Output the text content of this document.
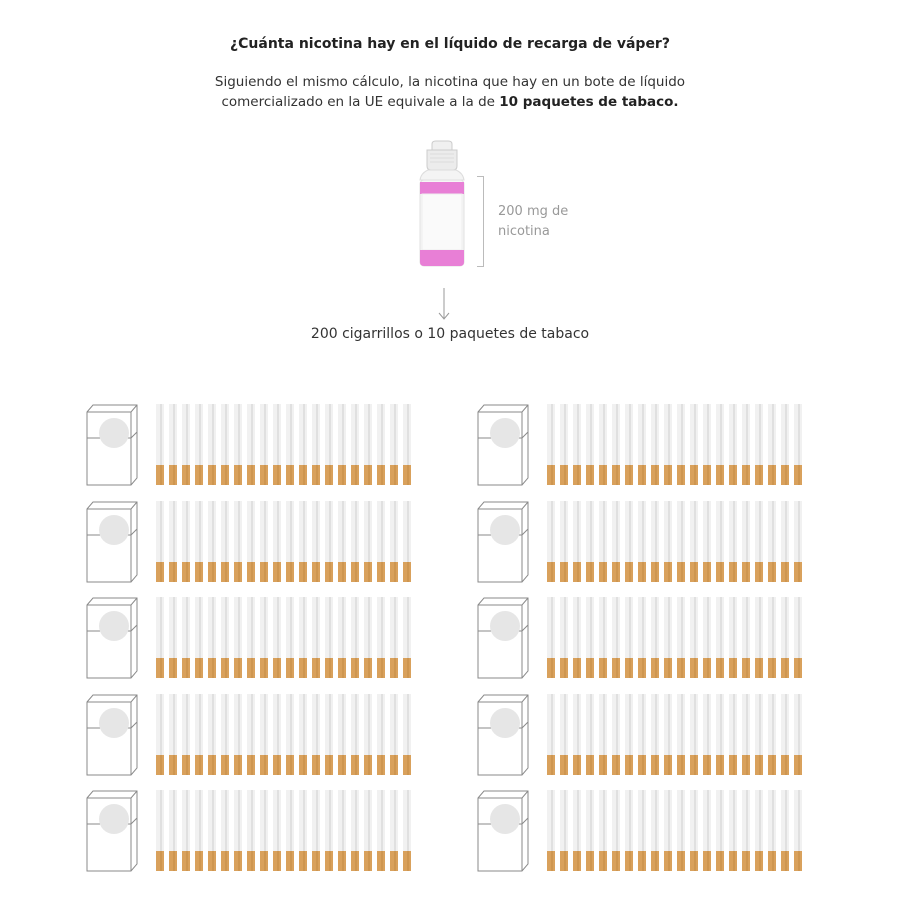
¿Cuánta nicotina hay en el líquido de recarga de váper?
Siguiendo el mismo cálculo, la nicotina que hay en un bote de líquido comercializado en la UE equivale a la de 10 paquetes de tabaco.
200 mg de nicotina
200 cigarrillos o 10 paquetes de tabaco
